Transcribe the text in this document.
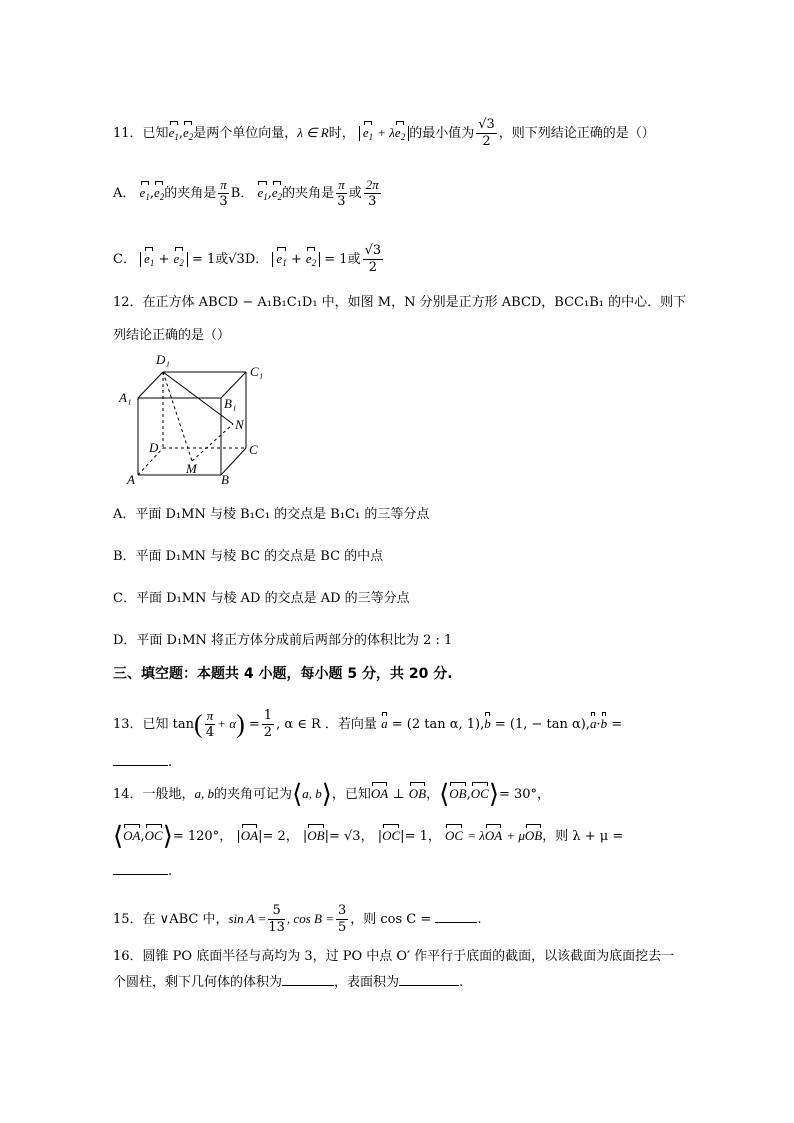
11．已知$e_1,e_2$是两个单位向量，λ ∈ R时， $e_1 + \lambda e_2$ 的最小值为 $\frac{√3}{2}$ ，则下列结论正确的是（）
A． $e_1,e_2$的夹角是 $\frac{\pi}{3}$ B． $e_1,e_2$的夹角是 $\frac{\pi}{3}$ 或 $\frac{2\pi}{3}$
C． $e_1 + e_2 = 1$或√3D． $e_1 + e_2 = 1$或 $\frac{√3}{2}$
12．在正方体 ABCD − A₁B₁C₁D₁ 中，如图 M，N 分别是正方形 ABCD，BCC₁B₁ 的中心．则下
列结论正确的是（）
D₁
C₁
A₁	B₁
N
D	C
M
A	B
A．平面 D₁MN 与棱 B₁C₁ 的交点是 B₁C₁ 的三等分点
B．平面 D₁MN 与棱 BC 的交点是 BC 的中点
C．平面 D₁MN 与棱 AD 的交点是 AD 的三等分点
D．平面 D₁MN 将正方体分成前后两部分的体积比为 2 : 1
三、填空题：本题共 4 小题，每小题 5 分，共 20 分.
13．已知 $\tan( \frac{\pi}{4} + \alpha) = \frac{1}{2}$ , α ∈ R ．若向量 a = (2 tan α, 1),b = (1, − tan α),a·b =
.
14．一般地，a, b的夹角可记为⟨a, b⟩，已知OA ⊥ OB，⟨OB,OC⟩= 30°，
⟨OA,OC⟩= 120°， |OA|= 2， |OB|= √3， |OC|= 1， OC = λOA + μOB，则 λ + μ =
.
15．在 ∨ABC 中，$\sin A = \frac{5}{13}$ , $\cos B = \frac{3}{5}$ ，则 cos C =	.
16．圆锥 PO 底面半径与高均为 3，过 PO 中点 O′ 作平行于底面的截面，以该截面为底面挖去一
个圆柱，剩下几何体的体积为	，表面积为	.
